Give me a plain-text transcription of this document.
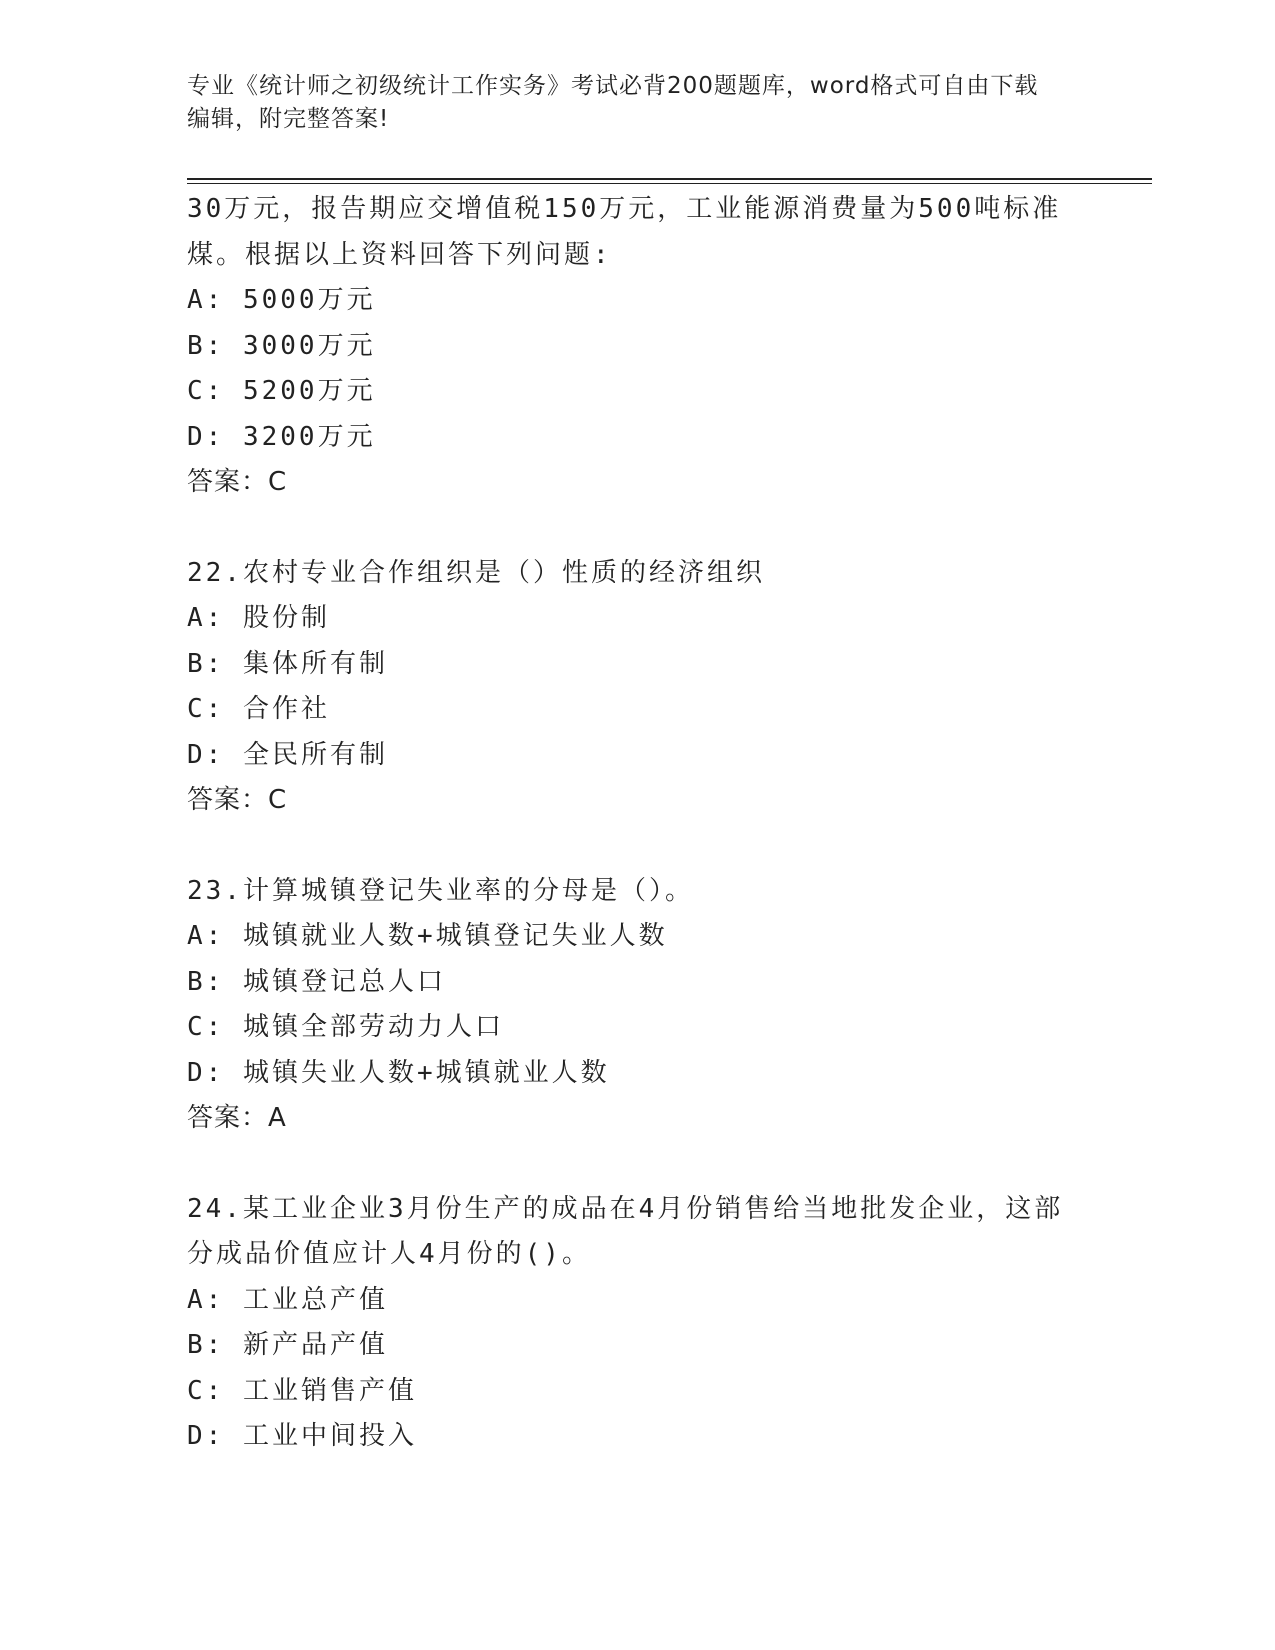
专业《统计师之初级统计工作实务》考试必背200题题库，word格式可自由下载
编辑，附完整答案!
30万元，报告期应交增值税150万元，工业能源消费量为500吨标准
煤。根据以上资料回答下列问题:
A: 5000万元
B: 3000万元
C: 5200万元
D: 3200万元
答案：C
22.农村专业合作组织是（）性质的经济组织
A: 股份制
B: 集体所有制
C: 合作社
D: 全民所有制
答案：C
23.计算城镇登记失业率的分母是（）。
A: 城镇就业人数+城镇登记失业人数
B: 城镇登记总人口
C: 城镇全部劳动力人口
D: 城镇失业人数+城镇就业人数
答案：A
24.某工业企业3月份生产的成品在4月份销售给当地批发企业，这部
分成品价值应计人4月份的()。
A: 工业总产值
B: 新产品产值
C: 工业销售产值
D: 工业中间投入
